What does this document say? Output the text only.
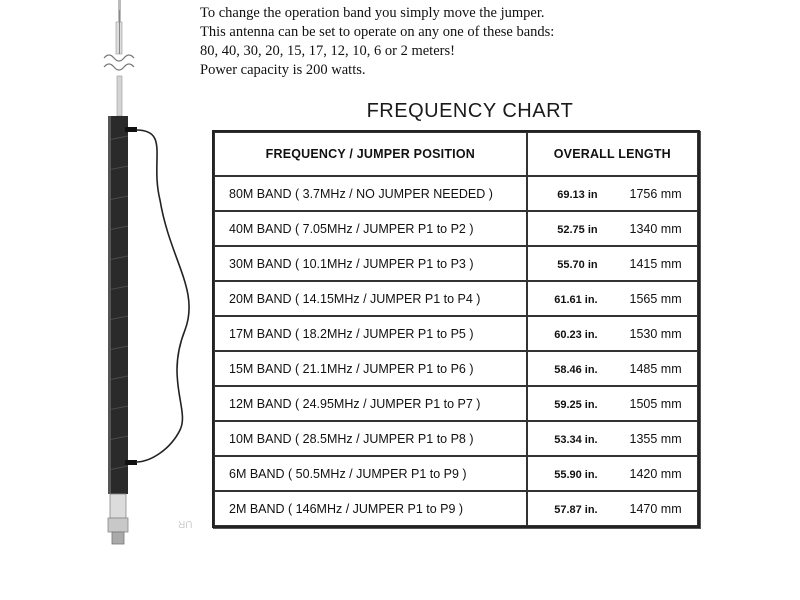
To change the operation band you simply move the jumper.
This antenna can be set to operate on any one of these bands:
80, 40, 30, 20, 15, 17, 12, 10, 6 or 2 meters!
Power capacity is 200 watts.
UR
FREQUENCY CHART
FREQUENCY / JUMPER POSITION	OVERALL LENGTH
80M BAND ( 3.7MHz / NO JUMPER NEEDED )	69.13 in 1756 mm
40M BAND ( 7.05MHz / JUMPER P1 to P2 )	52.75 in 1340 mm
30M BAND ( 10.1MHz / JUMPER P1 to P3 )	55.70 in 1415 mm
20M BAND ( 14.15MHz / JUMPER P1 to P4 )	61.61 in. 1565 mm
17M BAND ( 18.2MHz / JUMPER P1 to P5 )	60.23 in. 1530 mm
15M BAND ( 21.1MHz / JUMPER P1 to P6 )	58.46 in. 1485 mm
12M BAND ( 24.95MHz / JUMPER P1 to P7 )	59.25 in. 1505 mm
10M BAND ( 28.5MHz / JUMPER P1 to P8 )	53.34 in. 1355 mm
6M BAND ( 50.5MHz / JUMPER P1 to P9 )	55.90 in. 1420 mm
2M BAND ( 146MHz / JUMPER P1 to P9 )	57.87 in. 1470 mm
